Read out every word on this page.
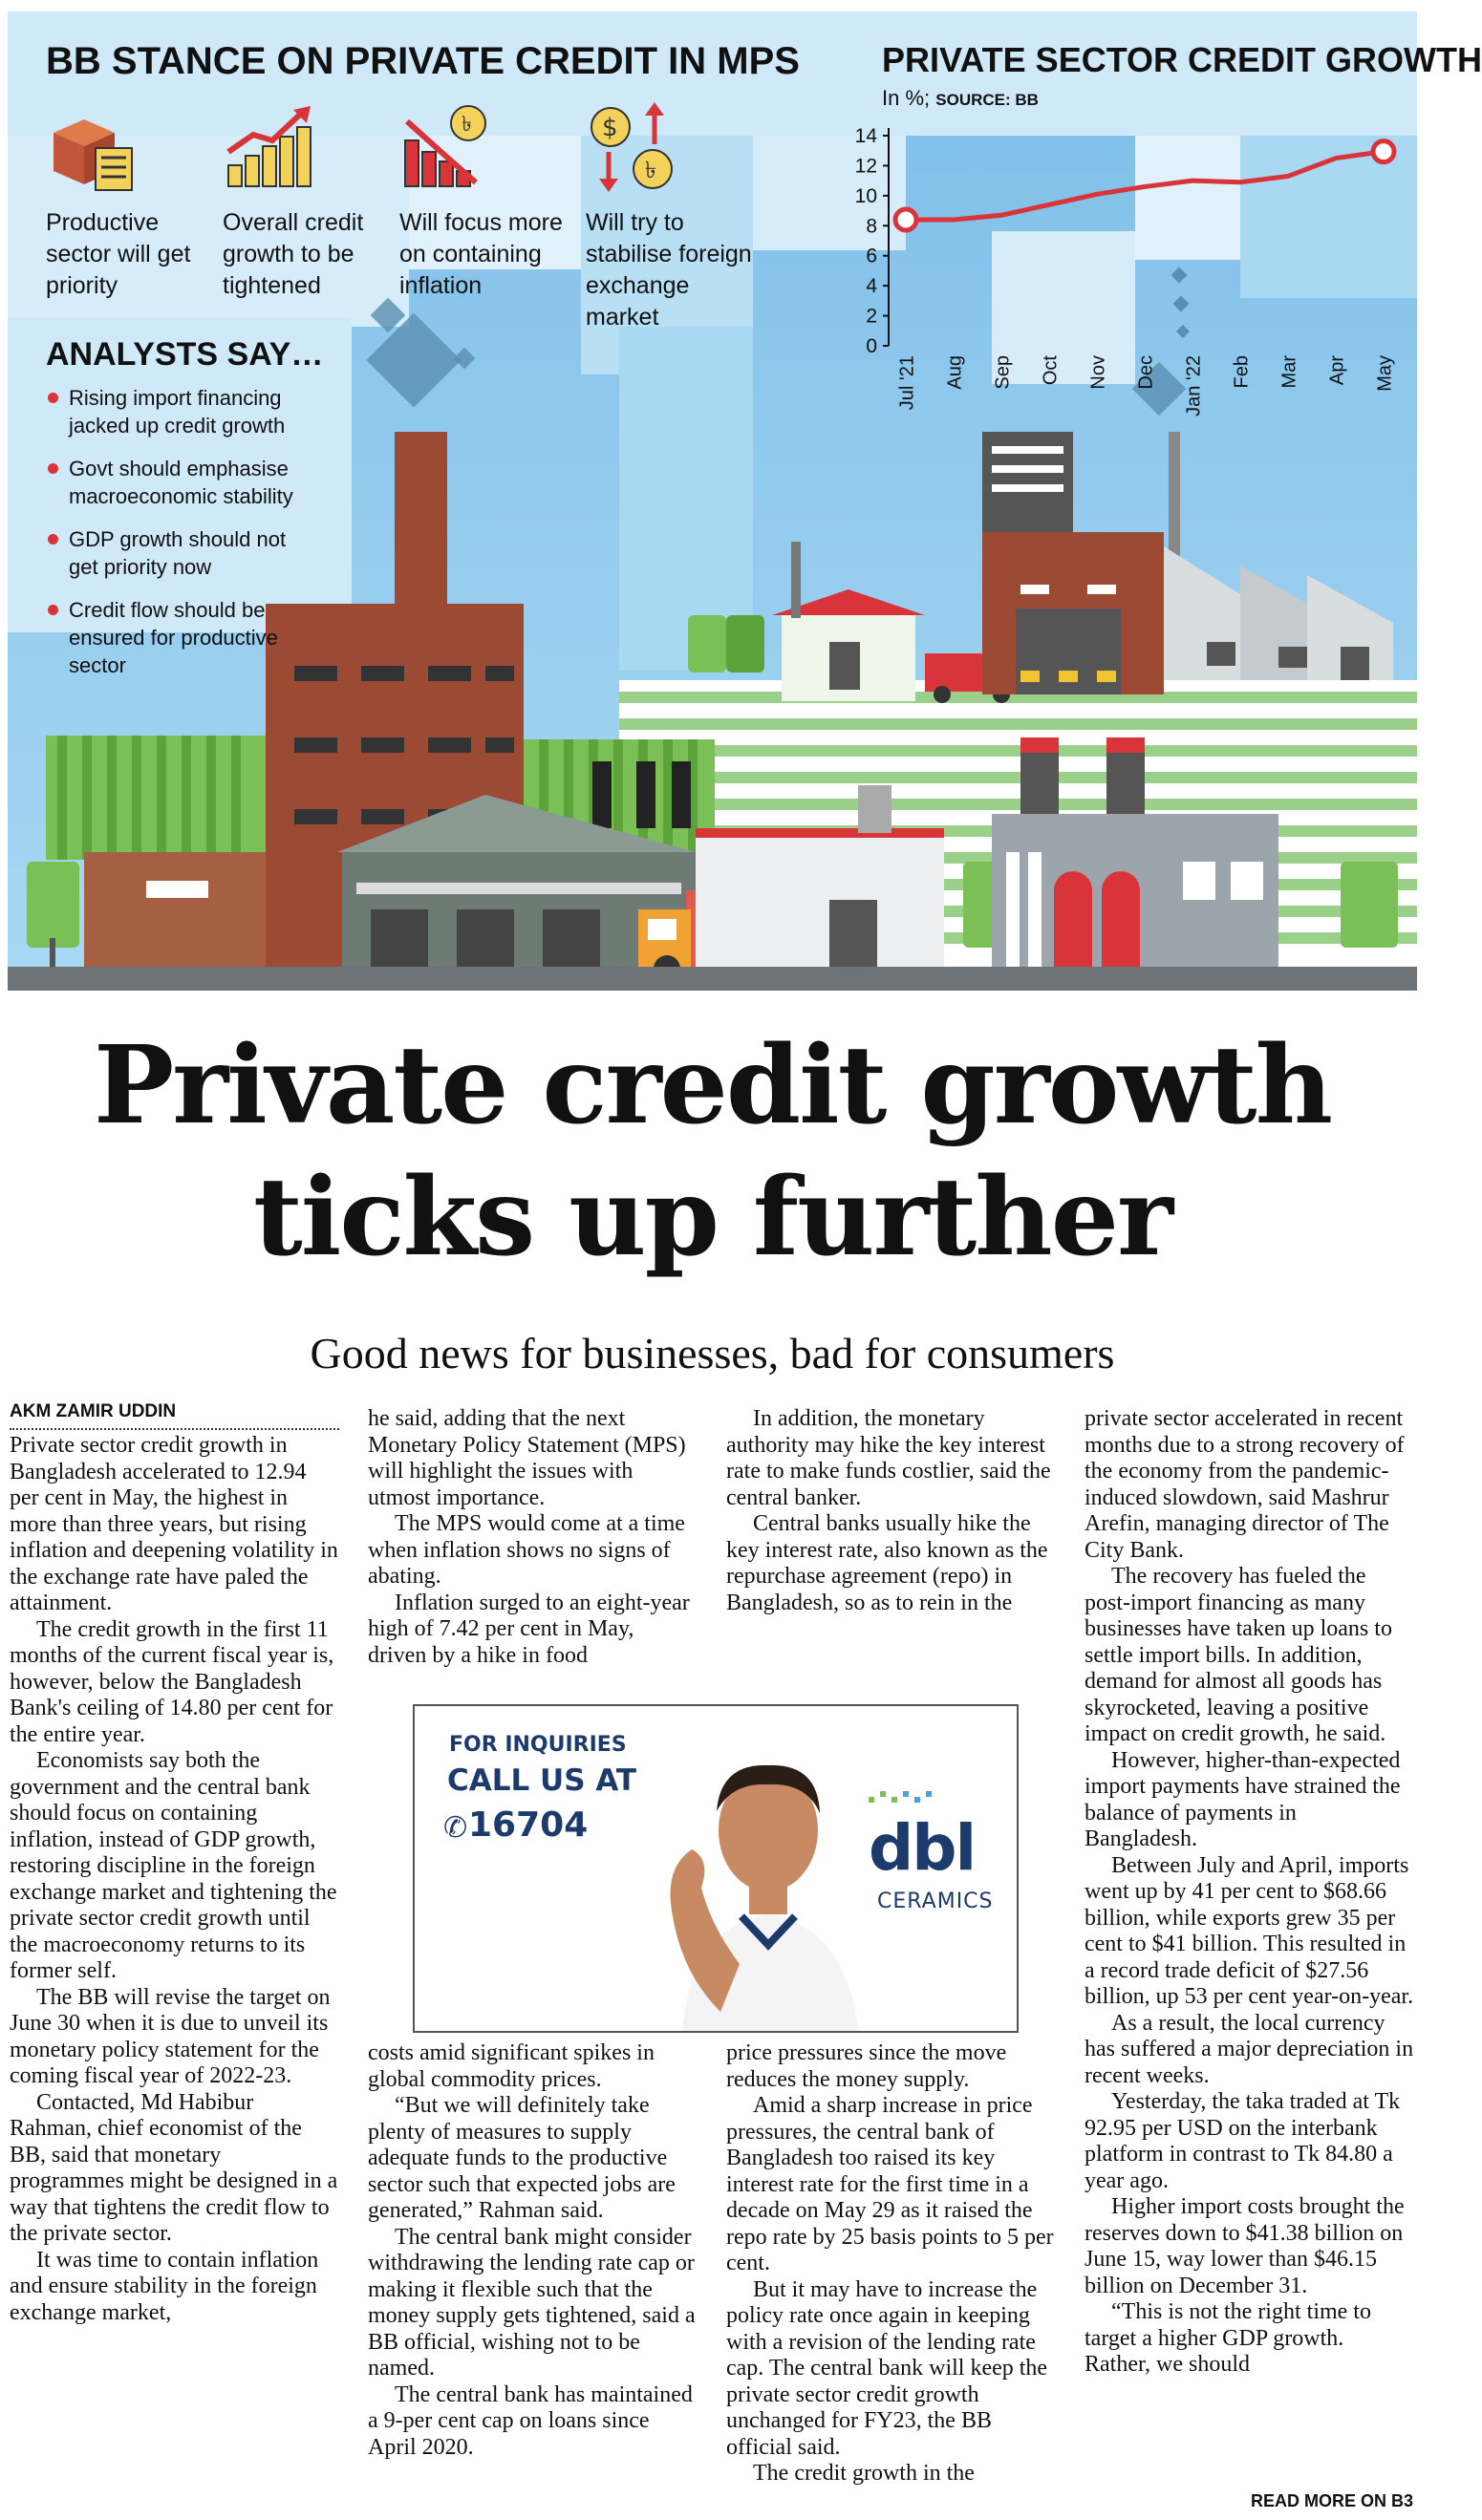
BB STANCE ON PRIVATE CREDIT IN MPS
Productive sector will get priority
Overall credit growth to be tightened
৳
Will focus more on containing inflation
$
৳
Will try to stabilise foreign exchange market
ANALYSTS SAY…
Rising import financing jacked up credit growth
Govt should emphasise macroeconomic stability
GDP growth should not get priority now
Credit flow should be ensured for productive sector
PRIVATE SECTOR CREDIT GROWTH
In %; SOURCE: BB
0
2
4
6
8
10
12
14
Jul '21 Aug Sep Oct Nov Dec Jan '22 Feb Mar Apr May
Private credit growth
ticks up further
Good news for businesses, bad for consumers
AKM ZAMIR UDDIN

Private sector credit growth in Bangladesh accelerated to 12.94 per cent in May, the highest in more than three years, but rising inflation and deepening volatility in the exchange rate have paled the attainment.

The credit growth in the first 11 months of the current fiscal year is, however, below the Bangladesh Bank's ceiling of 14.80 per cent for the entire year.

Economists say both the government and the central bank should focus on containing inflation, instead of GDP growth, restoring discipline in the foreign exchange market and tightening the private sector credit growth until the macroeconomy returns to its former self.

The BB will revise the target on June 30 when it is due to unveil its monetary policy statement for the coming fiscal year of 2022-23.

Contacted, Md Habibur Rahman, chief economist of the BB, said that monetary programmes might be designed in a way that tightens the credit flow to the private sector.

It was time to contain inflation and ensure stability in the foreign exchange market,

he said, adding that the next Monetary Policy Statement (MPS) will highlight the issues with utmost importance.

The MPS would come at a time when inflation shows no signs of abating.

Inflation surged to an eight-year high of 7.42 per cent in May, driven by a hike in food

In addition, the monetary authority may hike the key interest rate to make funds costlier, said the central banker.

Central banks usually hike the key interest rate, also known as the repurchase agreement (repo) in Bangladesh, so as to rein in the

FOR INQUIRIES
CALL US AT
✆ 16704	dbl
CERAMICS

costs amid significant spikes in global commodity prices.

“But we will definitely take plenty of measures to supply adequate funds to the productive sector such that expected jobs are generated,” Rahman said.

The central bank might consider withdrawing the lending rate cap or making it flexible such that the money supply gets tightened, said a BB official, wishing not to be named.

The central bank has maintained a 9-per cent cap on loans since April 2020.

price pressures since the move reduces the money supply.

Amid a sharp increase in price pressures, the central bank of Bangladesh too raised its key interest rate for the first time in a decade on May 29 as it raised the repo rate by 25 basis points to 5 per cent.

But it may have to increase the policy rate once again in keeping with a revision of the lending rate cap. The central bank will keep the private sector credit growth unchanged for FY23, the BB official said.

The credit growth in the

private sector accelerated in recent months due to a strong recovery of the economy from the pandemic-induced slowdown, said Mashrur Arefin, managing director of The City Bank.

The recovery has fueled the post-import financing as many businesses have taken up loans to settle import bills. In addition, demand for almost all goods has skyrocketed, leaving a positive impact on credit growth, he said.

However, higher-than-expected import payments have strained the balance of payments in Bangladesh.

Between July and April, imports went up by 41 per cent to $68.66 billion, while exports grew 35 per cent to $41 billion. This resulted in a record trade deficit of $27.56 billion, up 53 per cent year-on-year.

As a result, the local currency has suffered a major depreciation in recent weeks.

Yesterday, the taka traded at Tk 92.95 per USD on the interbank platform in contrast to Tk 84.80 a year ago.

Higher import costs brought the reserves down to $41.38 billion on June 15, way lower than $46.15 billion on December 31.

“This is not the right time to target a higher GDP growth. Rather, we should

READ MORE ON B3
